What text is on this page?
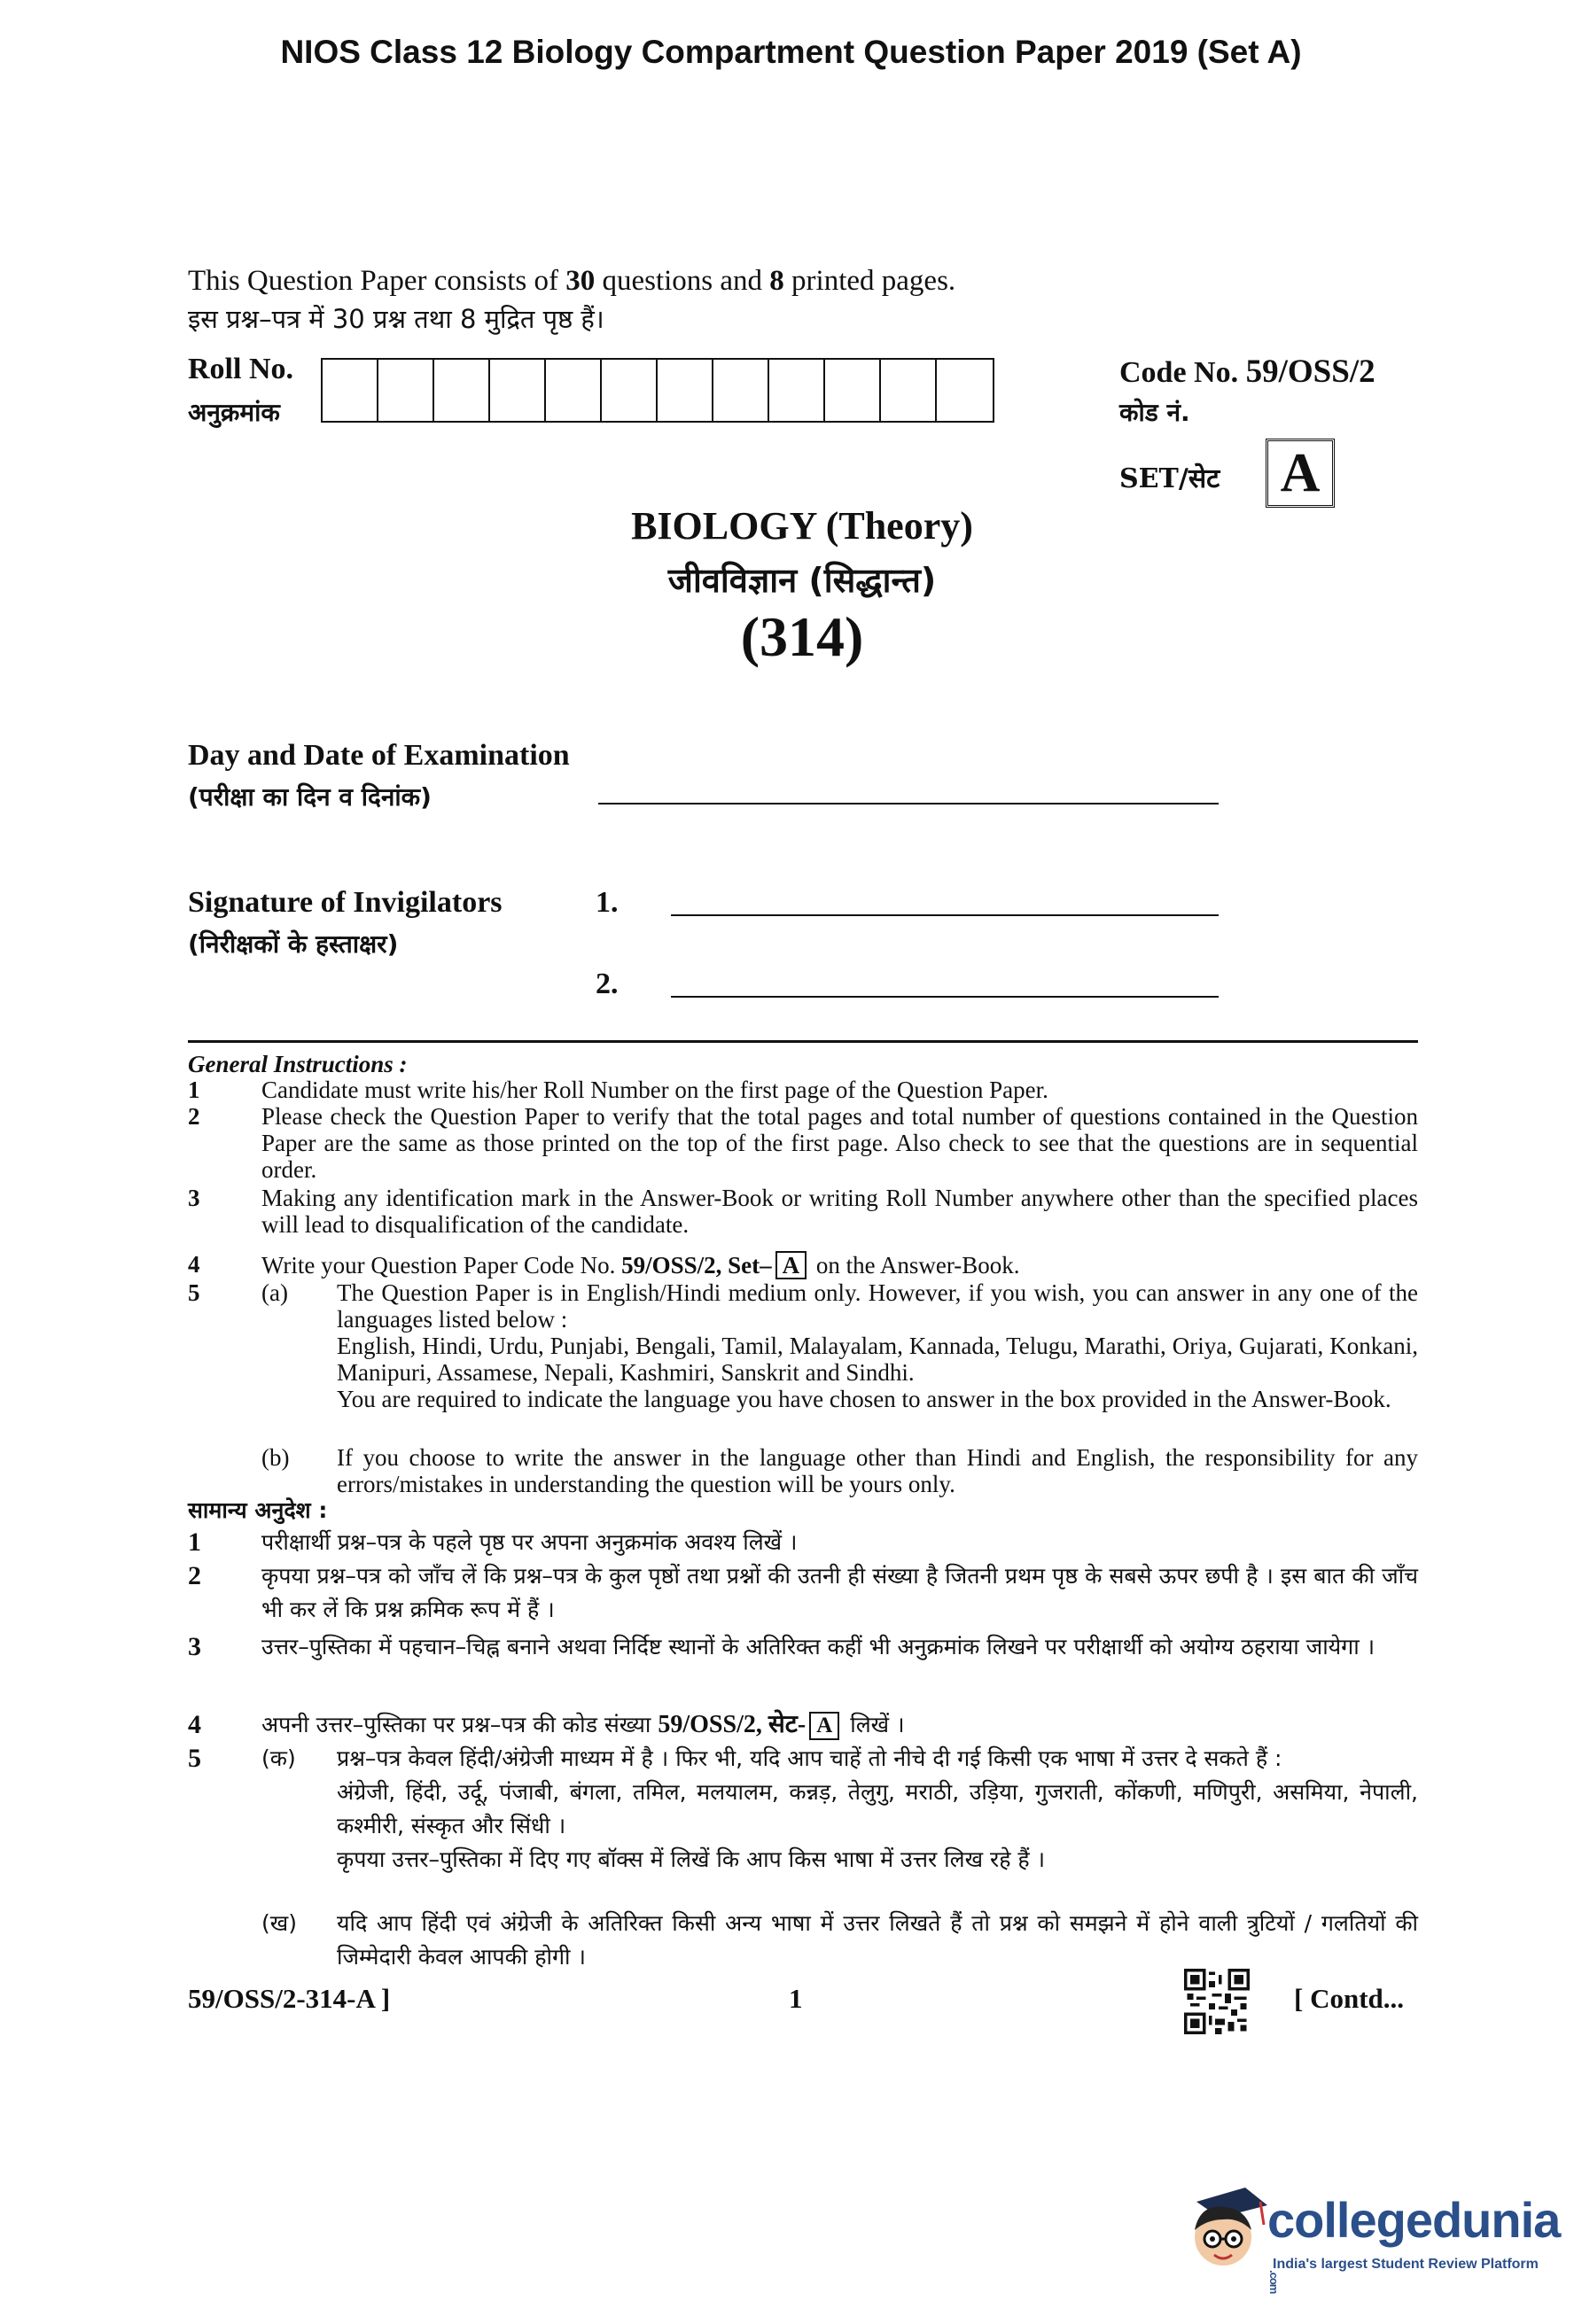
NIOS Class 12 Biology Compartment Question Paper 2019 (Set A)
This Question Paper consists of 30 questions and 8 printed pages.
इस प्रश्न–पत्र में 30 प्रश्न तथा 8 मुद्रित पृष्ठ हैं।
Roll No.
अनुक्रमांक
Code No. 59/OSS/2
कोड नं.
SET/सेट A
BIOLOGY (Theory)
जीवविज्ञान (सिद्धान्त)
(314)
Day and Date of Examination
(परीक्षा का दिन व दिनांक)
Signature of Invigilators
(निरीक्षकों के हस्ताक्षर)
1.
2.
General Instructions :
1	Candidate must write his/her Roll Number on the first page of the Question Paper.
2	Please check the Question Paper to verify that the total pages and total number of questions contained in the Question Paper are the same as those printed on the top of the first page. Also check to see that the questions are in sequential order.
3	Making any identification mark in the Answer-Book or writing Roll Number anywhere other than the specified places will lead to disqualification of the candidate.
4	Write your Question Paper Code No. 59/OSS/2, Set– A on the Answer-Book.
5	(a) The Question Paper is in English/Hindi medium only. However, if you wish, you can answer in any one of the languages listed below :
English, Hindi, Urdu, Punjabi, Bengali, Tamil, Malayalam, Kannada, Telugu, Marathi, Oriya, Gujarati, Konkani, Manipuri, Assamese, Nepali, Kashmiri, Sanskrit and Sindhi.
You are required to indicate the language you have chosen to answer in the box provided in the Answer-Book.
(b) If you choose to write the answer in the language other than Hindi and English, the responsibility for any errors/mistakes in understanding the question will be yours only.
सामान्य अनुदेश :
1	परीक्षार्थी प्रश्न–पत्र के पहले पृष्ठ पर अपना अनुक्रमांक अवश्य लिखें ।
2	कृपया प्रश्न–पत्र को जाँच लें कि प्रश्न–पत्र के कुल पृष्ठों तथा प्रश्नों की उतनी ही संख्या है जितनी प्रथम पृष्ठ के सबसे ऊपर छपी है । इस बात की जाँच भी कर लें कि प्रश्न क्रमिक रूप में हैं ।
3	उत्तर–पुस्तिका में पहचान–चिह्न बनाने अथवा निर्दिष्ट स्थानों के अतिरिक्त कहीं भी अनुक्रमांक लिखने पर परीक्षार्थी को अयोग्य ठहराया जायेगा ।
4	अपनी उत्तर–पुस्तिका पर प्रश्न–पत्र की कोड संख्या 59/OSS/2, सेट- A लिखें ।
5	(क) प्रश्न–पत्र केवल हिंदी/अंग्रेजी माध्यम में है । फिर भी, यदि आप चाहें तो नीचे दी गई किसी एक भाषा में उत्तर दे सकते हैं :
अंग्रेजी, हिंदी, उर्दू, पंजाबी, बंगला, तमिल, मलयालम, कन्नड़, तेलुगु, मराठी, उड़िया, गुजराती, कोंकणी, मणिपुरी, असमिया, नेपाली, कश्मीरी, संस्कृत और सिंधी ।
कृपया उत्तर–पुस्तिका में दिए गए बॉक्स में लिखें कि आप किस भाषा में उत्तर लिख रहे हैं ।
(ख) यदि आप हिंदी एवं अंग्रेजी के अतिरिक्त किसी अन्य भाषा में उत्तर लिखते हैं तो प्रश्न को समझने में होने वाली त्रुटियों / गलतियों की जिम्मेदारी केवल आपकी होगी ।
59/OSS/2-314-A ]	1	[ Contd...
collegedunia.com
India's largest Student Review Platform
